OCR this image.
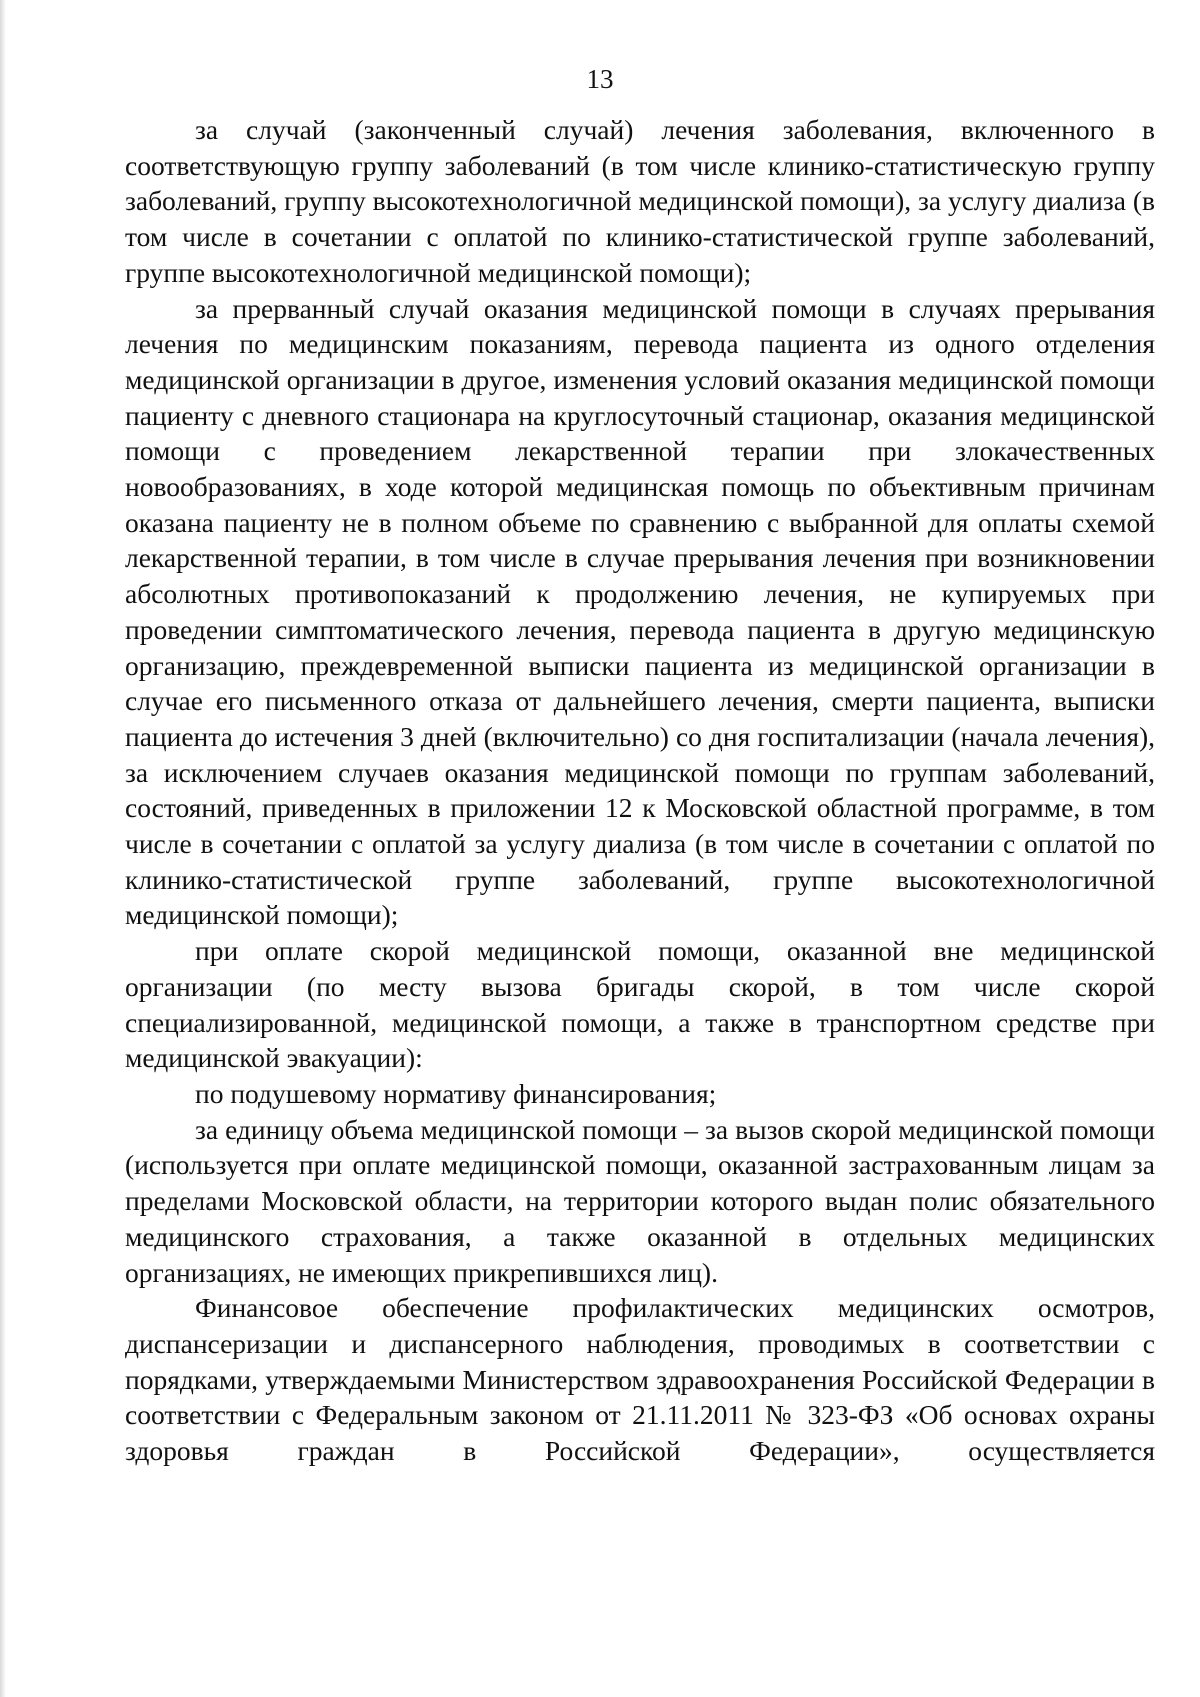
13

за случай (законченный случай) лечения заболевания, включенного в соответствующую группу заболеваний (в том числе клинико-статистическую группу заболеваний, группу высокотехнологичной медицинской помощи), за услугу диализа (в том числе в сочетании с оплатой по клинико-статистической группе заболеваний, группе высокотехнологичной медицинской помощи);

за прерванный случай оказания медицинской помощи в случаях прерывания лечения по медицинским показаниям, перевода пациента из одного отделения медицинской организации в другое, изменения условий оказания медицинской помощи пациенту с дневного стационара на круглосуточный стационар, оказания медицинской помощи с проведением лекарственной терапии при злокачественных новообразованиях, в ходе которой медицинская помощь по объективным причинам оказана пациенту не в полном объеме по сравнению с выбранной для оплаты схемой лекарственной терапии, в том числе в случае прерывания лечения при возникновении абсолютных противопоказаний к продолжению лечения, не купируемых при проведении симптоматического лечения, перевода пациента в другую медицинскую организацию, преждевременной выписки пациента из медицинской организации в случае его письменного отказа от дальнейшего лечения, смерти пациента, выписки пациента до истечения 3 дней (включительно) со дня госпитализации (начала лечения), за исключением случаев оказания медицинской помощи по группам заболеваний, состояний, приведенных в приложении 12 к Московской областной программе, в том числе в сочетании с оплатой за услугу диализа (в том числе в сочетании с оплатой по клинико-статистической группе заболеваний, группе высокотехнологичной медицинской помощи);

при оплате скорой медицинской помощи, оказанной вне медицинской организации (по месту вызова бригады скорой, в том числе скорой специализированной, медицинской помощи, а также в транспортном средстве при медицинской эвакуации):

по подушевому нормативу финансирования;

за единицу объема медицинской помощи – за вызов скорой медицинской помощи (используется при оплате медицинской помощи, оказанной застрахованным лицам за пределами Московской области, на территории которого выдан полис обязательного медицинского страхования, а также оказанной в отдельных медицинских организациях, не имеющих прикрепившихся лиц).

Финансовое обеспечение профилактических медицинских осмотров, диспансеризации и диспансерного наблюдения, проводимых в соответствии с порядками, утверждаемыми Министерством здравоохранения Российской Федерации в соответствии с Федеральным законом от 21.11.2011 № 323-ФЗ «Об основах охраны здоровья граждан в Российской Федерации», осуществляется
